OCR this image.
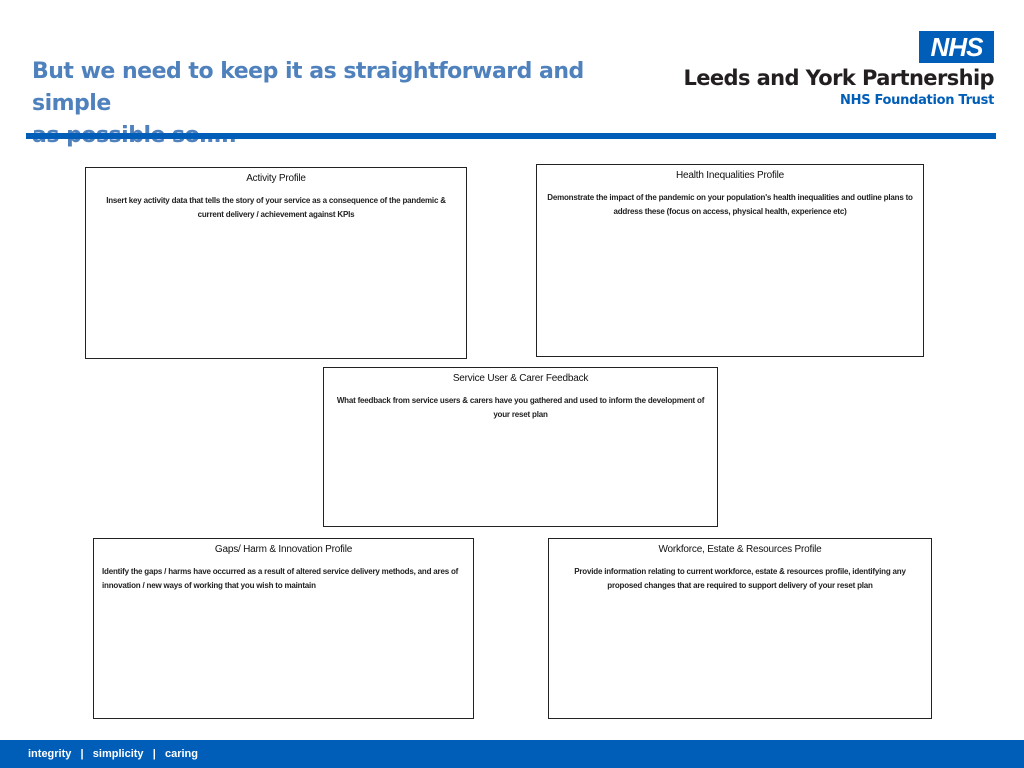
But we need to keep it as straightforward and simple
NHS
Leeds and York Partnership
NHS Foundation Trust
Activity Profile
Insert key activity data that tells the story of your service as a consequence of the pandemic & current delivery / achievement against KPIs
Health Inequalities Profile
Demonstrate the impact of the pandemic on your population's health inequalities and outline plans to address these (focus on access, physical health, experience etc)
Service User & Carer Feedback
What feedback from service users & carers have you gathered and used to inform the development of your reset plan
Gaps/ Harm & Innovation Profile
Identify the gaps / harms have occurred as a result of altered service delivery methods, and ares of innovation / new ways of working that you wish to maintain
Workforce, Estate & Resources Profile
Provide information relating to current workforce, estate & resources profile, identifying any proposed changes that are required to support delivery of your reset plan
integrity   |   simplicity   |   caring
